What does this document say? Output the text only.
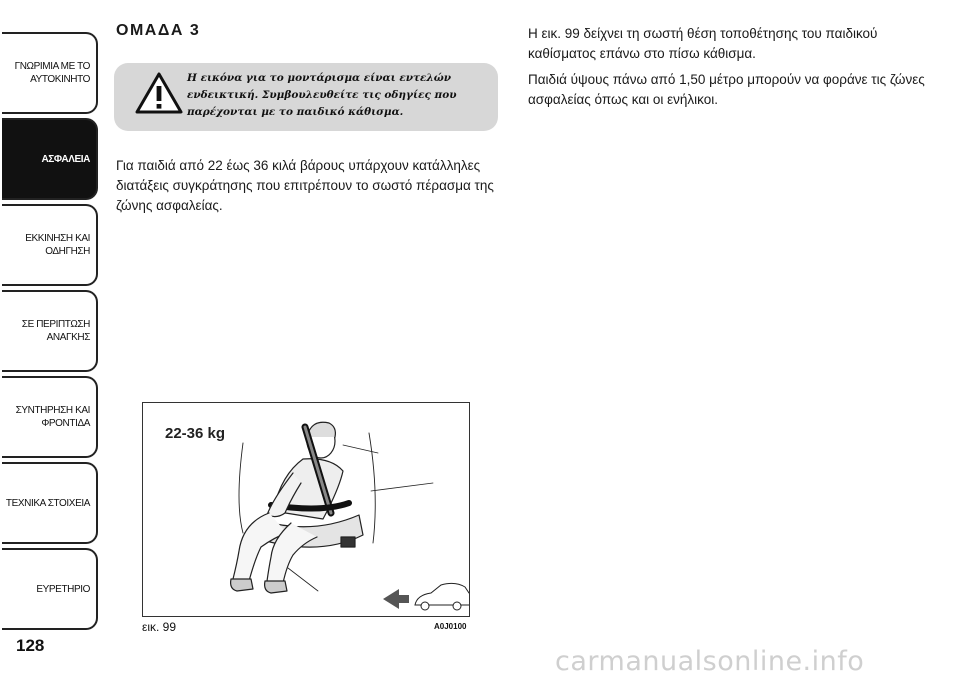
ΓΝΩΡΙΜΙΑ ΜΕ ΤΟ
ΑΥΤΟΚΙΝΗΤΟ
ΑΣΦΑΛΕΙΑ
ΕΚΚΙΝΗΣΗ ΚΑΙ
ΟΔΗΓΗΣΗ
ΣΕ ΠΕΡΙΠΤΩΣΗ
ΑΝΑΓΚΗΣ
ΣΥΝΤΗΡΗΣΗ ΚΑΙ
ΦΡΟΝΤΙΔΑ
ΤΕΧΝΙΚΑ ΣΤΟΙΧΕΙΑ
ΕΥΡΕΤΗΡΙΟ
128
ΟΜΑΔΑ 3
Η εικόνα για το μοντάρισμα είναι εντελών ενδεικτική. Συμβουλευθείτε τις οδηγίες που παρέχονται με το παιδικό κάθισμα.
Για παιδιά από 22 έως 36 κιλά βάρους υπάρχουν κατάλληλες διατάξεις συγκράτησης που επιτρέπουν το σωστό πέρασμα της ζώνης ασφαλείας.
22-36 kg
εικ. 99	A0J0100
Η εικ. 99 δείχνει τη σωστή θέση τοποθέτησης του παιδικού καθίσματος επάνω στο πίσω κάθισμα.
Παιδιά ύψους πάνω από 1,50 μέτρο μπορούν να φοράνε τις ζώνες ασφαλείας όπως και οι ενήλικοι.
carmanualsonline.info
